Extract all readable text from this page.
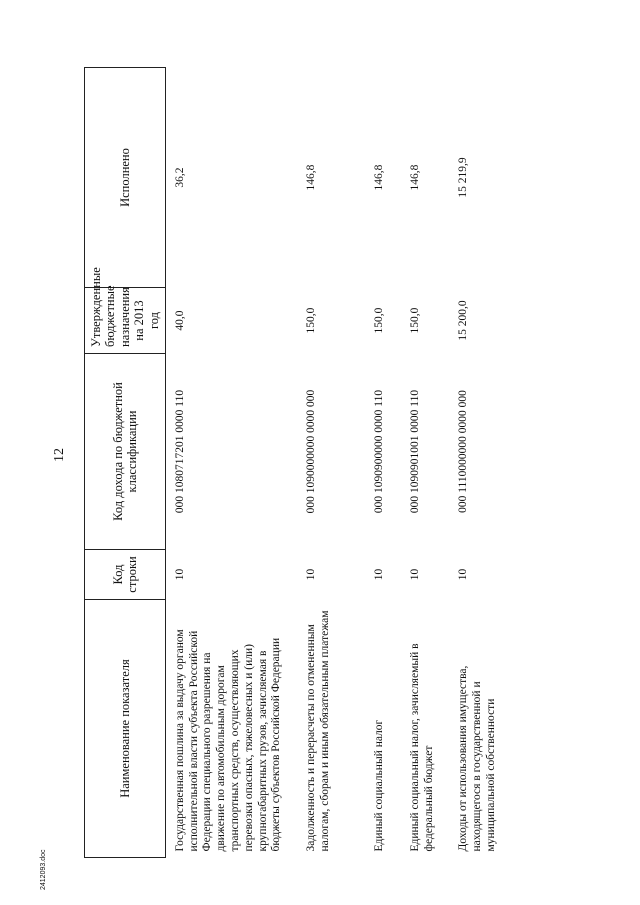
12
2412093.doc
Наименование показателя	Код строки	Код дохода по бюджетной классификации	Утвержденные бюджетные назначения на 2013 год	Исполнено
Государственная пошлина за выдачу органом исполнительной власти субъекта Российской Федерации специального разрешения на движение по автомобильным дорогам транспортных средств, осуществляющих перевозки опасных, тяжеловесных и (или) крупногабаритных грузов, зачисляемая в бюджеты субъектов Российской Федерации	10	000 1080717201 0000 110	40,0	36,2
Задолженность и перерасчеты по отмененным налогам, сборам и иным обязательным платежам	10	000 1090000000 0000 000	150,0	146,8
Единый социальный налог	10	000 1090900000 0000 110	150,0	146,8
Единый социальный налог, зачисляемый в федеральный бюджет	10	000 1090901001 0000 110	150,0	146,8
Доходы от использования имущества, находящегося в государственной и муниципальной собственности	10	000 1110000000 0000 000	15 200,0	15 219,9
